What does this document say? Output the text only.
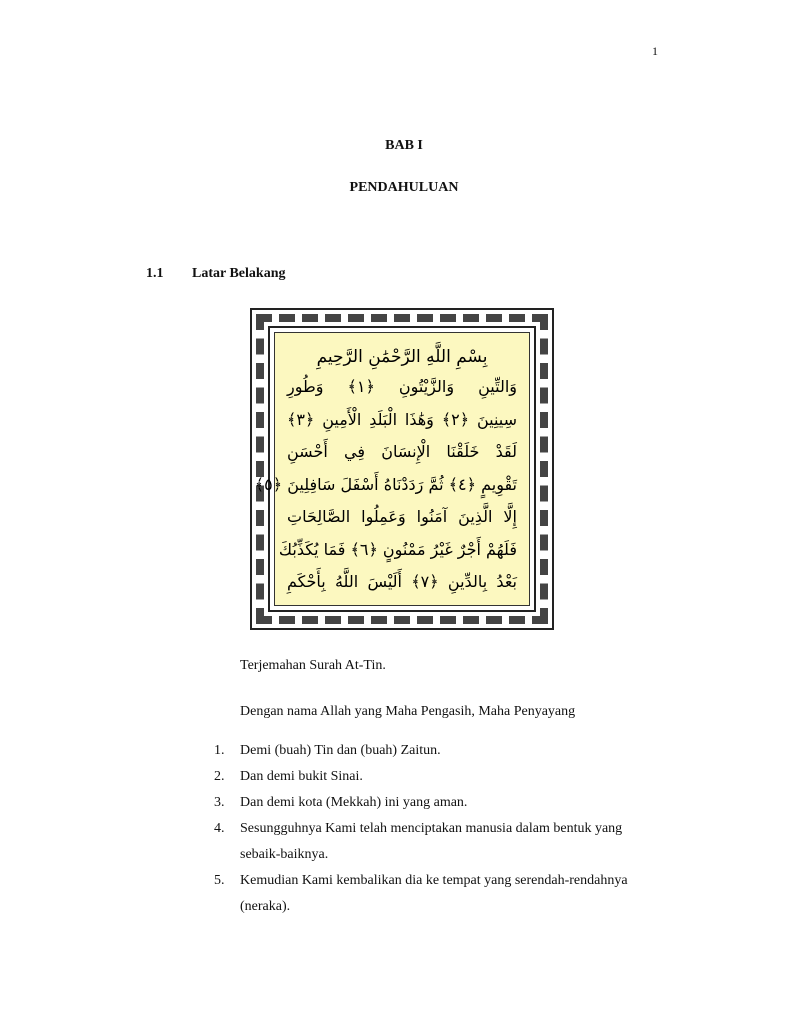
1
BAB I
PENDAHULUAN
1.1 Latar Belakang
بِسْمِ اللَّهِ الرَّحْمَٰنِ الرَّحِيمِ
وَالتِّينِ وَالزَّيْتُونِ ﴿١﴾ وَطُورِ
سِينِينَ ﴿٢﴾ وَهَٰذَا الْبَلَدِ الْأَمِينِ ﴿٣﴾
لَقَدْ خَلَقْنَا الْإِنسَانَ فِي أَحْسَنِ
تَقْوِيمٍ ﴿٤﴾ ثُمَّ رَدَدْنَاهُ أَسْفَلَ سَافِلِينَ ﴿٥﴾
إِلَّا الَّذِينَ آمَنُوا وَعَمِلُوا الصَّالِحَاتِ
فَلَهُمْ أَجْرٌ غَيْرُ مَمْنُونٍ ﴿٦﴾ فَمَا يُكَذِّبُكَ
بَعْدُ بِالدِّينِ ﴿٧﴾ أَلَيْسَ اللَّهُ بِأَحْكَمِ
Terjemahan Surah At-Tin.
Dengan nama Allah yang Maha Pengasih, Maha Penyayang
1.	Demi (buah) Tin dan (buah) Zaitun.
2.	Dan demi bukit Sinai.
3.	Dan demi kota (Mekkah) ini yang aman.
4.	Sesungguhnya Kami telah menciptakan manusia dalam bentuk yang sebaik-baiknya.
5.	Kemudian Kami kembalikan dia ke tempat yang serendah-rendahnya (neraka).
